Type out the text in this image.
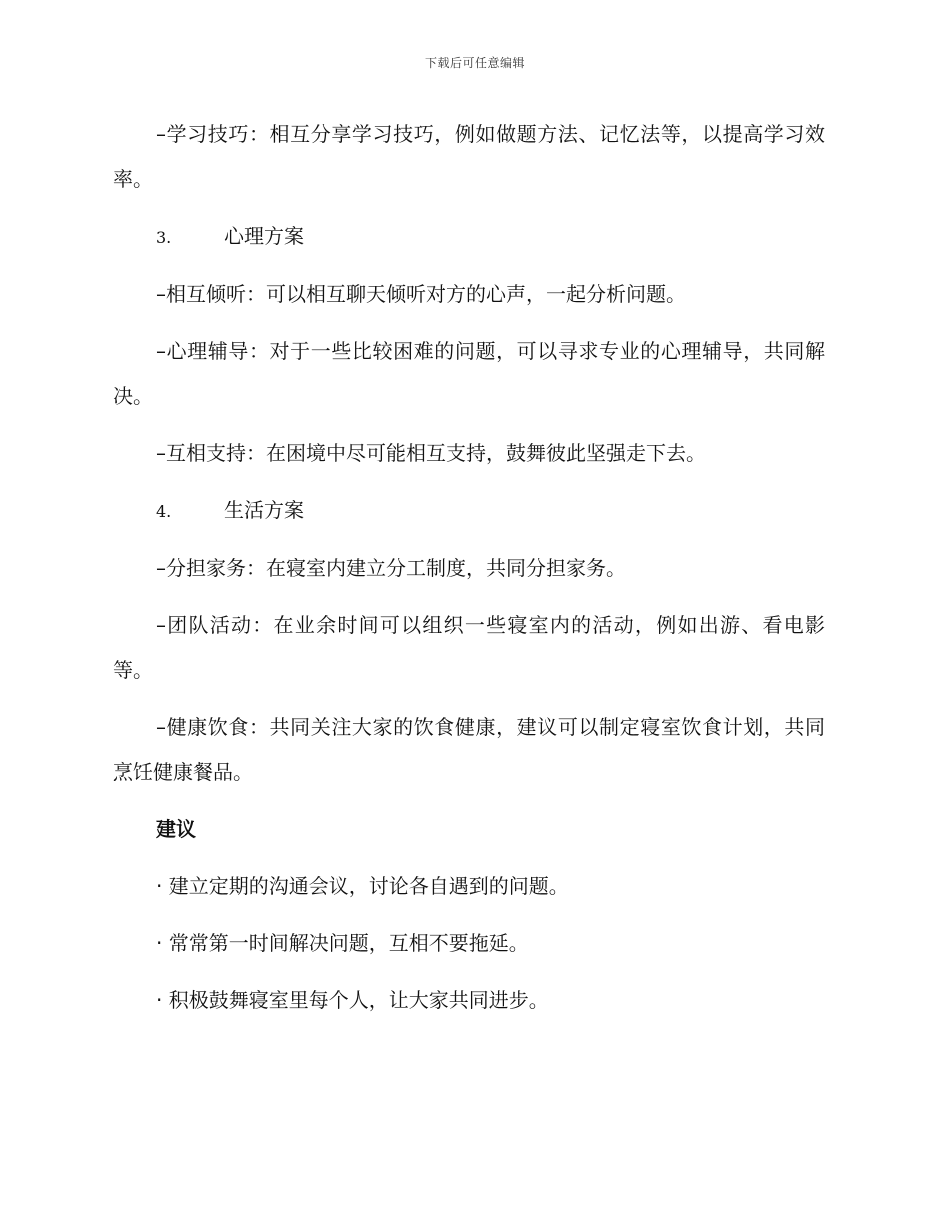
下载后可任意编辑

–学习技巧：相互分享学习技巧，例如做题方法、记忆法等，以提高学习效率。

3.	心理方案

–相互倾听：可以相互聊天倾听对方的心声，一起分析问题。

–心理辅导：对于一些比较困难的问题，可以寻求专业的心理辅导，共同解决。

–互相支持：在困境中尽可能相互支持，鼓舞彼此坚强走下去。

4.	生活方案

–分担家务：在寝室内建立分工制度，共同分担家务。

–团队活动：在业余时间可以组织一些寝室内的活动，例如出游、看电影等。

–健康饮食：共同关注大家的饮食健康，建议可以制定寝室饮食计划，共同烹饪健康餐品。

建议

· 建立定期的沟通会议，讨论各自遇到的问题。

· 常常第一时间解决问题，互相不要拖延。

· 积极鼓舞寝室里每个人，让大家共同进步。
